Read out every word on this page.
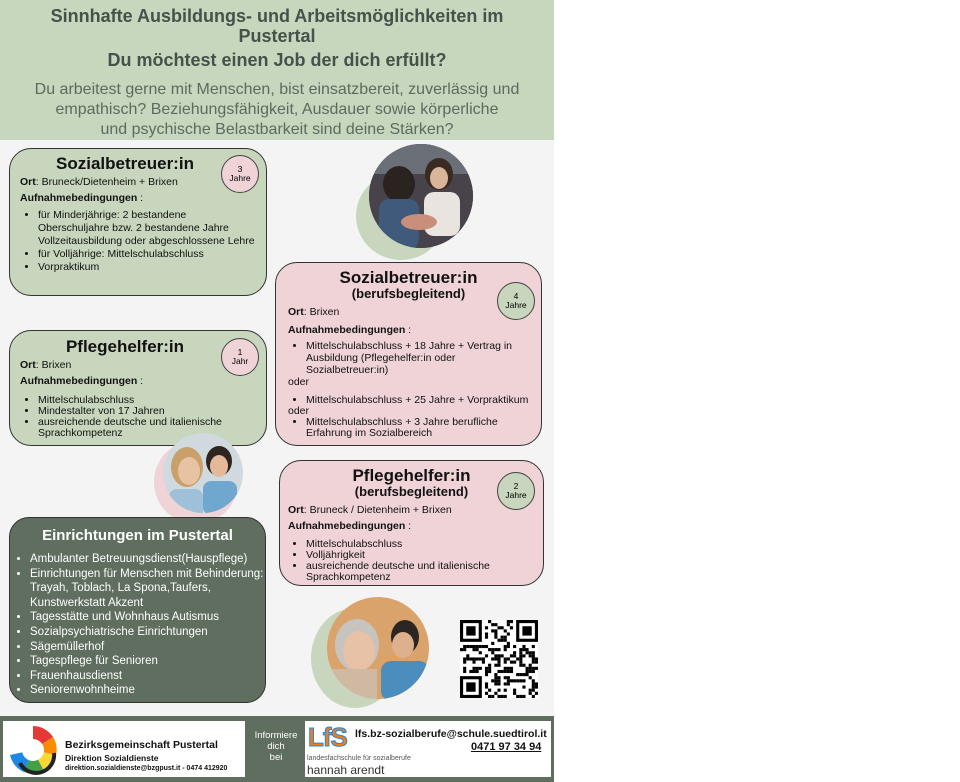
Sinnhafte Ausbildungs- und Arbeitsmöglichkeiten im
Pustertal
Du möchtest einen Job der dich erfüllt?

Du arbeitest gerne mit Menschen, bist einsatzbereit, zuverlässig und
empathisch? Beziehungsfähigkeit, Ausdauer sowie körperliche
und psychische Belastbarkeit sind deine Stärken?

Sozialbetreuer:in
Ort: Bruneck/Dietenheim + Brixen
Aufnahmebedingungen :
• für Minderjährige: 2 bestandene Oberschuljahre bzw. 2 bestandene Jahre Vollzeitausbildung oder abgeschlossene Lehre
• für Volljährige: Mittelschulabschluss
• Vorpraktikum
3
Jahre
Sozialbetreuer:in
(berufsbegleitend)
Ort: Brixen
Aufnahmebedingungen :
• Mittelschulabschluss + 18 Jahre + Vertrag in Ausbildung (Pflegehelfer:in oder Sozialbetreuer:in)
oder
• Mittelschulabschluss + 25 Jahre + Vorpraktikum
oder
• Mittelschulabschluss + 3 Jahre berufliche Erfahrung im Sozialbereich
4
Jahre
Pflegehelfer:in
Ort: Brixen
Aufnahmebedingungen :
• Mittelschulabschluss
• Mindestalter von 17 Jahren
• ausreichende deutsche und italienische Sprachkompetenz
1
Jahr
Pflegehelfer:in
(berufsbegleitend)
Ort: Bruneck / Dietenheim + Brixen
Aufnahmebedingungen :
• Mittelschulabschluss
• Volljährigkeit
• ausreichende deutsche und italienische Sprachkompetenz
2
Jahre
Einrichtungen im Pustertal
• Ambulanter Betreuungsdienst(Hauspflege)
• Einrichtungen für Menschen mit Behinderung: Trayah, Toblach, La Spona,Taufers, Kunstwerkstatt Akzent
• Tagesstätte und Wohnhaus Autismus
• Sozialpsychiatrische Einrichtungen
• Sägemüllerhof
• Tagespflege für Senioren
• Frauenhausdienst
• Seniorenwohnheime
Bezirksgemeinschaft Pustertal
Direktion Sozialdienste
direktion.sozialdienste@bzgpust.it - 0474 412920
Informiere
dich
bei
LfS lfs.bz-sozialberufe@schule.suedtirol.it
0471 97 34 94
landesfachschule für sozialberufe
hannah arendt
